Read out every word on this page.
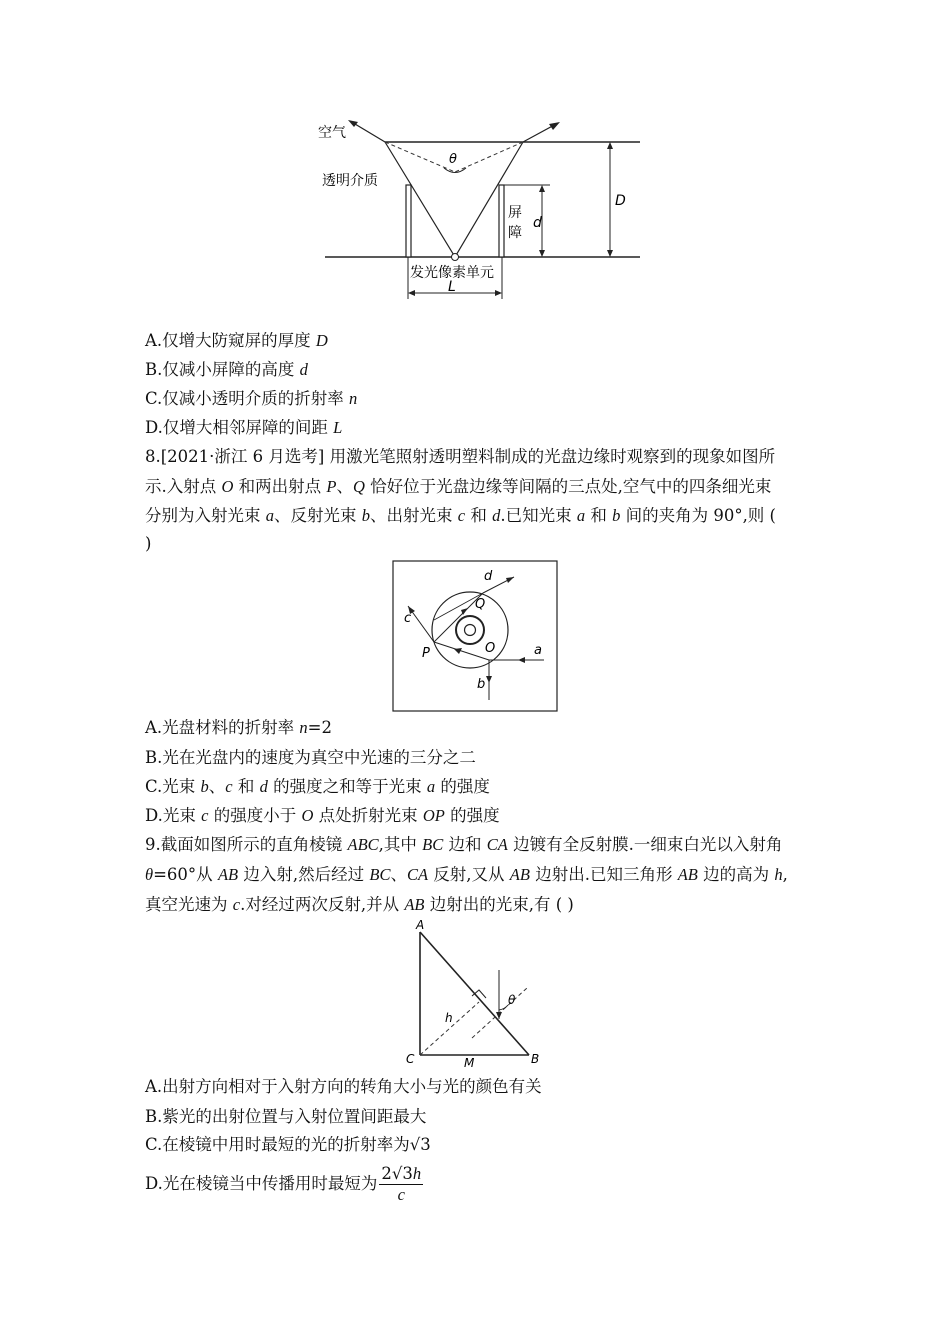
空气
透明介质
θ
屏
障
d
D
发光像素单元
L
A.仅增大防窥屏的厚度 D
B.仅减小屏障的高度 d
C.仅减小透明介质的折射率 n
D.仅增大相邻屏障的间距 L
8.[2021·浙江 6 月选考] 用激光笔照射透明塑料制成的光盘边缘时观察到的现象如图所
示.入射点 O 和两出射点 P、Q 恰好位于光盘边缘等间隔的三点处,空气中的四条细光束
分别为入射光束 a、反射光束 b、出射光束 c 和 d.已知光束 a 和 b 间的夹角为 90°,则 (
)
d
Q
c
P	O	a
b
A.光盘材料的折射率 n=2
B.光在光盘内的速度为真空中光速的三分之二
C.光束 b、c 和 d 的强度之和等于光束 a 的强度
D.光束 c 的强度小于 O 点处折射光束 OP 的强度
9.截面如图所示的直角棱镜 ABC,其中 BC 边和 CA 边镀有全反射膜.一细束白光以入射角
θ=60°从 AB 边入射,然后经过 BC、CA 反射,又从 AB 边射出.已知三角形 AB 边的高为 h,
真空光速为 c.对经过两次反射,并从 AB 边射出的光束,有 ( )
A
h
θ
C	M	B
A.出射方向相对于入射方向的转角大小与光的颜色有关
B.紫光的出射位置与入射位置间距最大
C.在棱镜中用时最短的光的折射率为√3
D.光在棱镜当中传播用时最短为 $\frac{2√3h}{c}$
